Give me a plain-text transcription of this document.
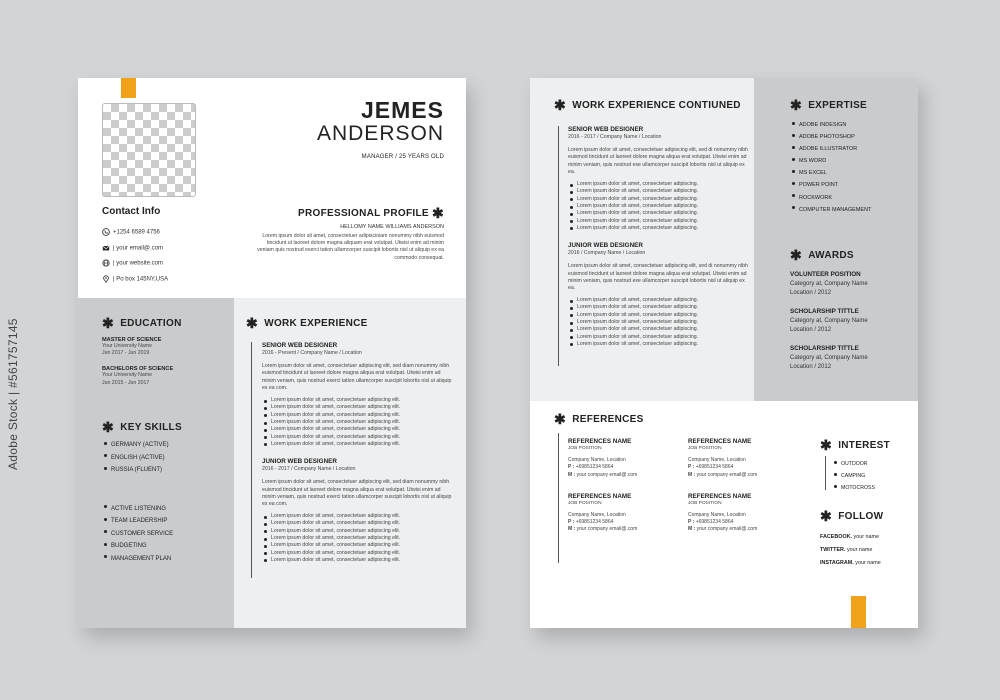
Adobe Stock | #561757145
JEMES
ANDERSON
MANAGER / 25 YEARS OLD
Contact Info
+1254 6589 4756
| your email@.com
| your website.com
| Po box 145NY,USA
PROFESSIONAL PROFILE ✱
HELLOMY NAME WILLIAMS ANDERSON
Lorem ipsum dolor sit amet, consectetuer adipisciniam nonummy nibh euismod tincidunt ut laoreet dolore magna aliquam erat volutpat. Utwisi enim ad minim veniam quis nostrud exerci tation ullamcorper suscipit lobortis nisl ut aliquip ex ea commodo consequat.
✱ EDUCATION
MASTER OF SCIENCE
Your University Name
Jun 2017 - Jun 2019
BACHELORS OF SCIENCE
Your University Name
Jun 2015 - Jun 2017
✱ KEY SKILLS
GERMANY (ACTIVE)
ENGLISH (ACTIVE)
RUSSIA (FLUENT)
ACTIVE LISTENING
TEAM LEADERSHIP
CUSTOMER SERVICE
BUDGETING
MANAGEMENT PLAN
✱ WORK EXPERIENCE
SENIOR WEB DESIGNER
2016 - Present / Company Name / Location
Lorem ipsum dolor sit amet, consectetuer adipiscing elit, sed diam nonummy nibh euismod tincidunt ut laoreet dolore magna aliqua erat volutpat. Utwisi enim ad minim veniam, quis nostrud exerci tation ullamcorper suscipit lobortis nisl ut aliquip ex ea com.
Lorem ipsum dolor sit amet, consectetuer adipiscing elit.
Lorem ipsum dolor sit amet, consectetuer adipiscing elit.
Lorem ipsum dolor sit amet, consectetuer adipiscing elit.
Lorem ipsum dolor sit amet, consectetuer adipiscing elit.
Lorem ipsum dolor sit amet, consectetuer adipiscing elit.
Lorem ipsum dolor sit amet, consectetuer adipiscing elit.
Lorem ipsum dolor sit amet, consectetuer adipiscing elit.
JUNIOR WEB DESIGNER
2016 - 2017 / Company Name / Location
Lorem ipsum dolor sit amet, consectetuer adipiscing elit, sed diam nonummy nibh euismod tincidunt ut laoreet dolore magna aliqua erat volutpat. Utwisi enim ad minim veniam, quis nostrud exerci tation ullamcorper suscipit lobortis nisl ut aliquip ex ea com.
Lorem ipsum dolor sit amet, consectetuer adipiscing elit.
Lorem ipsum dolor sit amet, consectetuer adipiscing elit.
Lorem ipsum dolor sit amet, consectetuer adipiscing elit.
Lorem ipsum dolor sit amet, consectetuer adipiscing elit.
Lorem ipsum dolor sit amet, consectetuer adipiscing elit.
Lorem ipsum dolor sit amet, consectetuer adipiscing elit.
Lorem ipsum dolor sit amet, consectetuer adipiscing elit.
✱ WORK EXPERIENCE CONTIUNED
SENIOR WEB DESIGNER
2016 - 2017 / Company Name / Location
Lorem ipsum dolor sit amet, consectetuer adipiscing elit, sed di nonummy nibh euismod tincidunt ut laoreet dolore magna aliqua erat volutpat. Utwisi enim ad minim veniam, quis nostrud exe ullamcorper suscipit lobortis nisl ut aliquip ex ea.
Lorem ipsum dolor sit amet, consectetuer adipiscing.
Lorem ipsum dolor sit amet, consectetuer adipiscing.
Lorem ipsum dolor sit amet, consectetuer adipiscing.
Lorem ipsum dolor sit amet, consectetuer adipiscing.
Lorem ipsum dolor sit amet, consectetuer adipiscing.
Lorem ipsum dolor sit amet, consectetuer adipiscing.
Lorem ipsum dolor sit amet, consectetuer adipiscing.
JUNIOR WEB DESIGNER
2016 / Company Name / Location
Lorem ipsum dolor sit amet, consectetuer adipiscing elit, sed di nonummy nibh euismod tincidunt ut laoreet dolore magna aliqua erat volutpat. Utwisi enim ad minim veniam, quis nostrud exe ullamcorper suscipit lobortis nisl ut aliquip ex ea.
Lorem ipsum dolor sit amet, consectetuer adipiscing.
Lorem ipsum dolor sit amet, consectetuer adipiscing.
Lorem ipsum dolor sit amet, consectetuer adipiscing.
Lorem ipsum dolor sit amet, consectetuer adipiscing.
Lorem ipsum dolor sit amet, consectetuer adipiscing.
Lorem ipsum dolor sit amet, consectetuer adipiscing.
Lorem ipsum dolor sit amet, consectetuer adipiscing.
✱ EXPERTISE
ADOBE INDESIGN
ADOBE PHOTOSHOP
ADOBE ILLUSTRATOR
MS WORD
MS EXCEL
POWER POINT
ROCKWORK
COMPUTER MANAGEMENT
✱ AWARDS
VOLUNTEER POSITION
Category at, Company Name
Location / 2012
SCHOLARSHIP TITTLE
Category at, Company Name
Location / 2012
SCHOLARSHIP TITTLE
Category at, Company Name
Location / 2012
✱ REFERENCES
REFERENCES NAME
JOB POSITION
Company Name, Location
P : +69851234 5864
M : your company email@.com
REFERENCES NAME
JOB POSITION
Company Name, Location
P : +69851234 5864
M : your company email@.com
REFERENCES NAME
JOB POSITION
Company Name, Location
P : +69851234 5864
M : your company email@.com
REFERENCES NAME
JOB POSITION
Company Name, Location
P : +69851234 5864
M : your company email@.com
✱ INTEREST
OUTDOOR
CAMPING
MOTOCROSS
✱ FOLLOW
FACEBOOK. your name
TWITTER. your name
INSTAGRAM. your name
